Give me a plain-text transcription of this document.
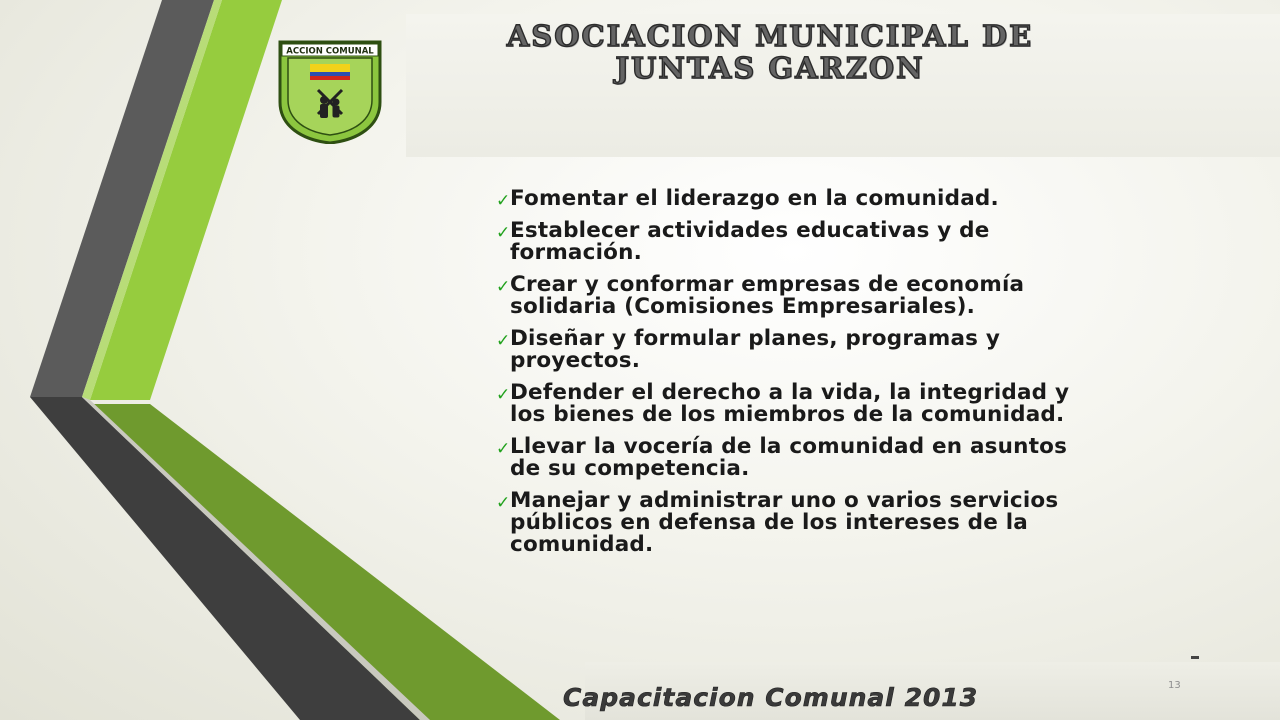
ASOCIACION MUNICIPAL DE
JUNTAS GARZON
ACCION COMUNAL
✓ Fomentar el liderazgo en la comunidad.
✓ Establecer actividades educativas y de formación.
✓ Crear y conformar empresas de economía solidaria (Comisiones Empresariales).
✓ Diseñar y formular planes, programas y proyectos.
✓ Defender el derecho a la vida, la integridad y los bienes de los miembros de la comunidad.
✓ Llevar la vocería de la comunidad en asuntos de su competencia.
✓ Manejar y administrar uno o varios servicios públicos en defensa de los intereses de la comunidad.
13
Capacitacion Comunal 2013
